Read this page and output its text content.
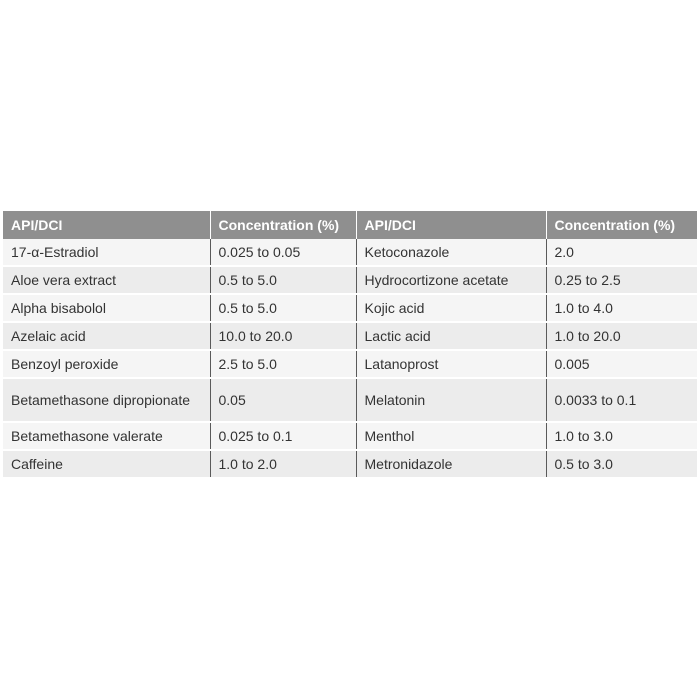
API/DCI	Concentration (%)	API/DCI	Concentration (%)
17-α-Estradiol	0.025 to 0.05	Ketoconazole	2.0
Aloe vera extract	0.5 to 5.0	Hydrocortizone acetate	0.25 to 2.5
Alpha bisabolol	0.5 to 5.0	Kojic acid	1.0 to 4.0
Azelaic acid	10.0 to 20.0	Lactic acid	1.0 to 20.0
Benzoyl peroxide	2.5 to 5.0	Latanoprost	0.005
Betamethasone dipropionate	0.05	Melatonin	0.0033 to 0.1
Betamethasone valerate	0.025 to 0.1	Menthol	1.0 to 3.0
Caffeine	1.0 to 2.0	Metronidazole	0.5 to 3.0
